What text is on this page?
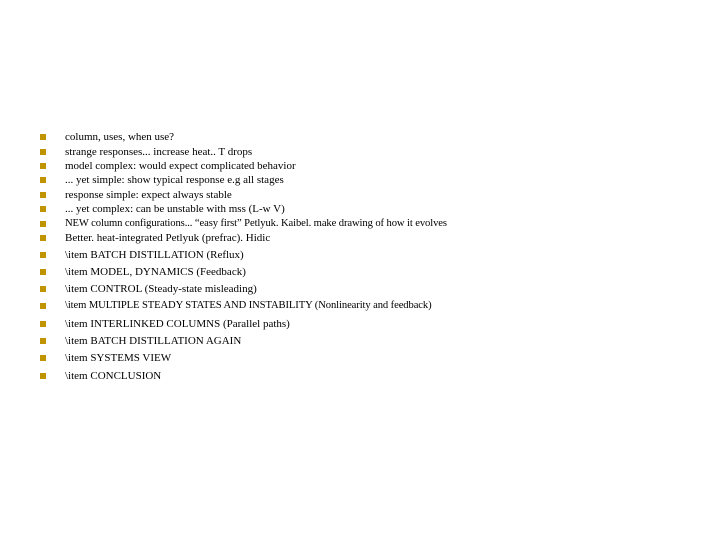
column, uses, when use?
strange responses... increase heat.. T drops
model complex: would expect complicated behavior
... yet simple: show typical response e.g all stages
response simple: expect always stable
... yet complex: can be unstable with mss (L-w V)
NEW column configurations... “easy first” Petlyuk. Kaibel. make drawing of how it evolves
Better. heat-integrated Petlyuk (prefrac). Hidic
\item BATCH DISTILLATION (Reflux)
\item MODEL, DYNAMICS (Feedback)
\item CONTROL (Steady-state misleading)
\item MULTIPLE STEADY STATES AND INSTABILITY (Nonlinearity and feedback)
\item INTERLINKED COLUMNS (Parallel paths)
\item BATCH DISTILLATION AGAIN
\item SYSTEMS VIEW
\item CONCLUSION
